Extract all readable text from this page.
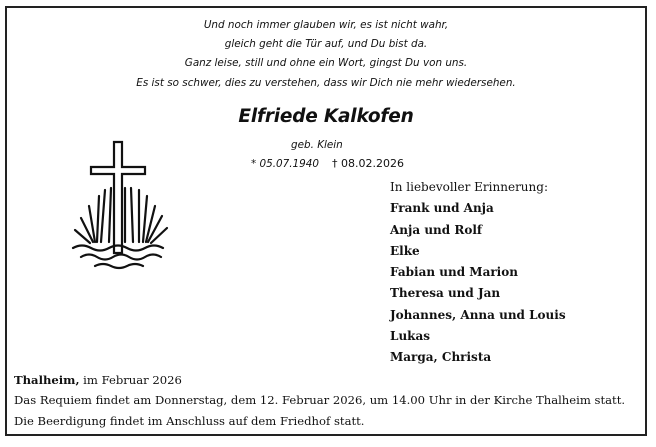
Und noch immer glauben wir, es ist nicht wahr,
gleich geht die Tür auf, und Du bist da.
Ganz leise, still und ohne ein Wort, gingst Du von uns.
Es ist so schwer, dies zu verstehen, dass wir Dich nie mehr wiedersehen.
Elfriede Kalkofen
geb. Klein
* 05.07.1940 † 08.02.2026
In liebevoller Erinnerung:
Frank und Anja
Anja und Rolf
Elke
Fabian und Marion
Theresa und Jan
Johannes, Anna und Louis
Lukas
Marga, Christa
Thalheim, im Februar 2026
Das Requiem findet am Donnerstag, dem 12. Februar 2026, um 14.00 Uhr in der Kirche Thalheim statt.
Die Beerdigung findet im Anschluss auf dem Friedhof statt.
